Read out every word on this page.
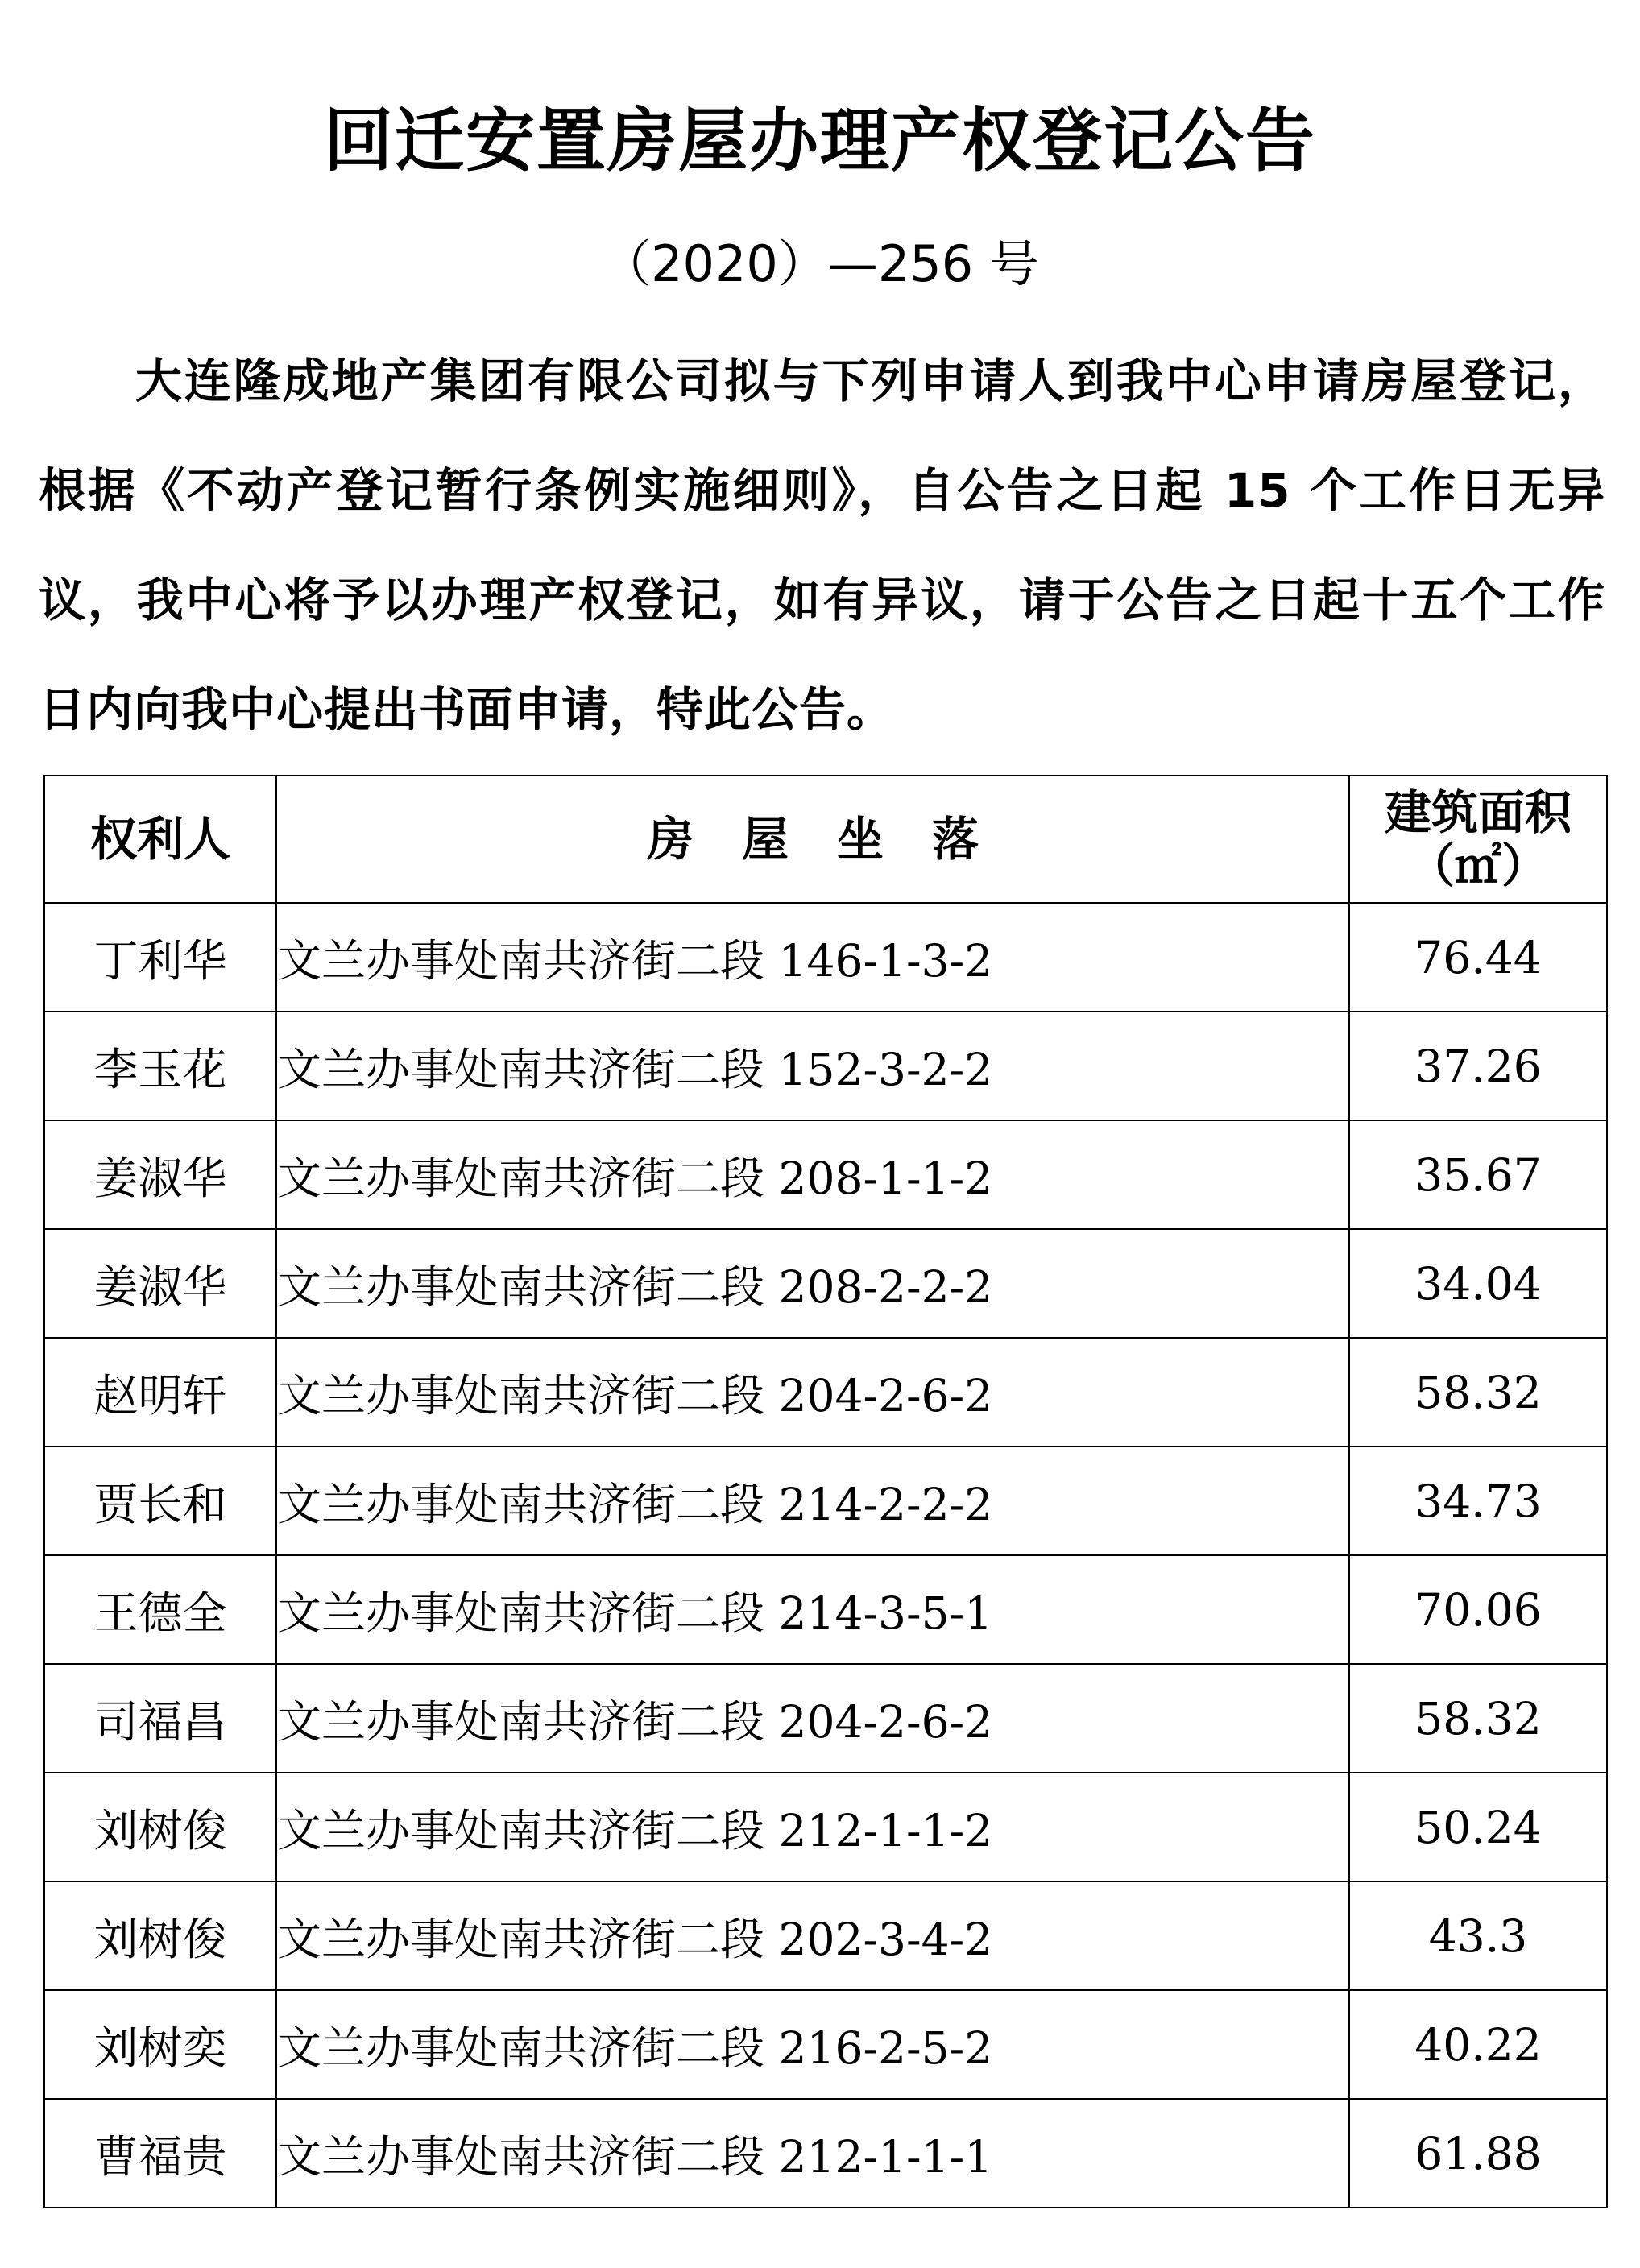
回迁安置房屋办理产权登记公告
（2020）—256 号
大连隆成地产集团有限公司拟与下列申请人到我中心申请房屋登记，根据《不动产登记暂行条例实施细则》，自公告之日起 15 个工作日无异议，我中心将予以办理产权登记，如有异议，请于公告之日起十五个工作日内向我中心提出书面申请，特此公告。
权利人	房屋坐落	建筑面积
（㎡）

丁利华	文兰办事处南共济街二段 146-1-3-2	76.44
李玉花	文兰办事处南共济街二段 152-3-2-2	37.26
姜淑华	文兰办事处南共济街二段 208-1-1-2	35.67
姜淑华	文兰办事处南共济街二段 208-2-2-2	34.04
赵明轩	文兰办事处南共济街二段 204-2-6-2	58.32
贾长和	文兰办事处南共济街二段 214-2-2-2	34.73
王德全	文兰办事处南共济街二段 214-3-5-1	70.06
司福昌	文兰办事处南共济街二段 204-2-6-2	58.32
刘树俊	文兰办事处南共济街二段 212-1-1-2	50.24
刘树俊	文兰办事处南共济街二段 202-3-4-2	43.3
刘树奕	文兰办事处南共济街二段 216-2-5-2	40.22
曹福贵	文兰办事处南共济街二段 212-1-1-1	61.88
